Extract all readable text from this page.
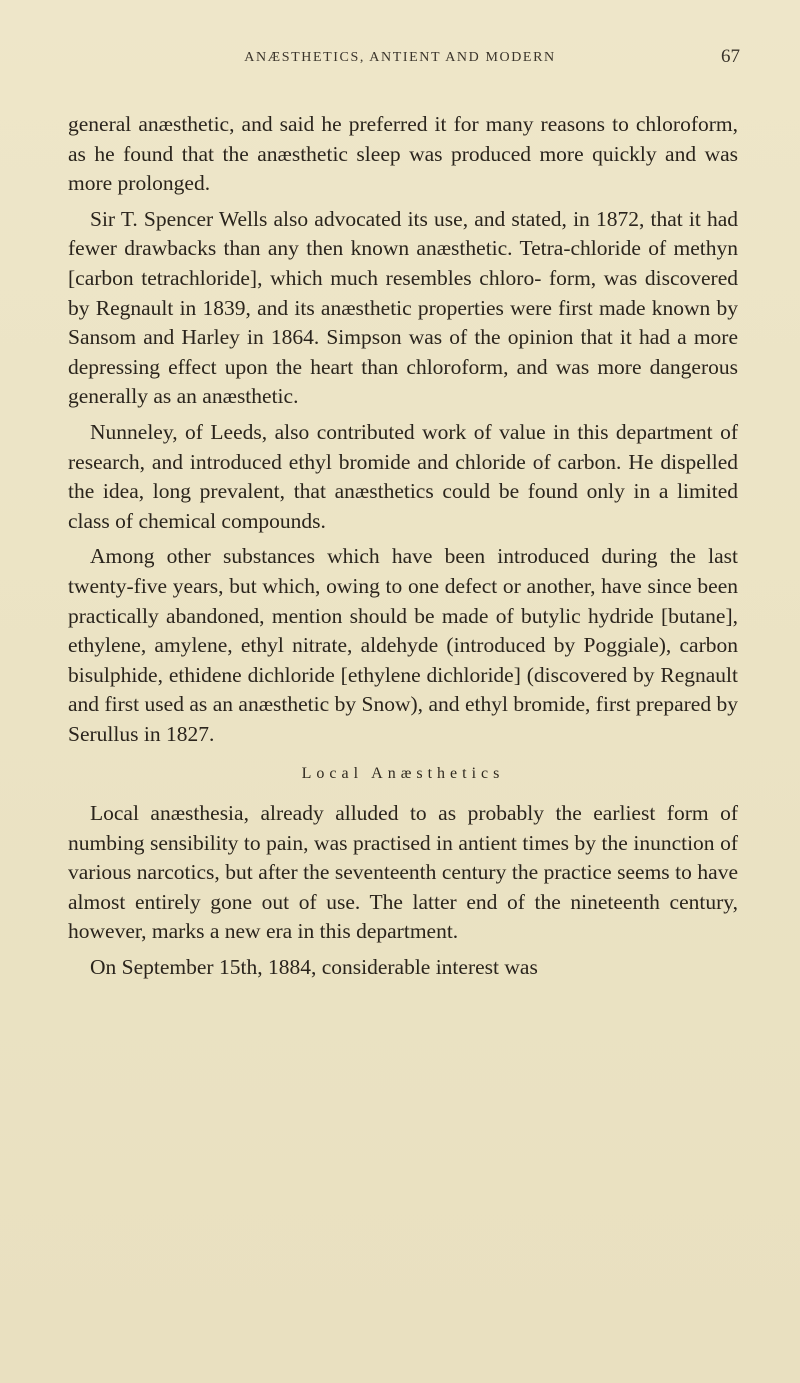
ANÆSTHETICS, ANTIENT AND MODERN	67

general anæsthetic, and said he preferred it for many reasons to chloroform, as he found that the anæsthetic sleep was produced more quickly and was more prolonged.

Sir T. Spencer Wells also advocated its use, and stated, in 1872, that it had fewer drawbacks than any then known anæsthetic. Tetra-chloride of methyn [carbon tetrachloride], which much resembles chloro- form, was discovered by Regnault in 1839, and its anæsthetic properties were first made known by Sansom and Harley in 1864. Simpson was of the opinion that it had a more depressing effect upon the heart than chloroform, and was more dangerous generally as an anæsthetic.

Nunneley, of Leeds, also contributed work of value in this department of research, and introduced ethyl bromide and chloride of carbon. He dispelled the idea, long prevalent, that anæsthetics could be found only in a limited class of chemical compounds.

Among other substances which have been introduced during the last twenty-five years, but which, owing to one defect or another, have since been practically abandoned, mention should be made of butylic hydride [butane], ethylene, amylene, ethyl nitrate, aldehyde (introduced by Poggiale), carbon bisulphide, ethidene dichloride [ethylene dichloride] (discovered by Regnault and first used as an anæsthetic by Snow), and ethyl bromide, first prepared by Serullus in 1827.

Local Anæsthetics

Local anæsthesia, already alluded to as probably the earliest form of numbing sensibility to pain, was practised in antient times by the inunction of various narcotics, but after the seventeenth century the practice seems to have almost entirely gone out of use. The latter end of the nineteenth century, however, marks a new era in this department.

On September 15th, 1884, considerable interest was
